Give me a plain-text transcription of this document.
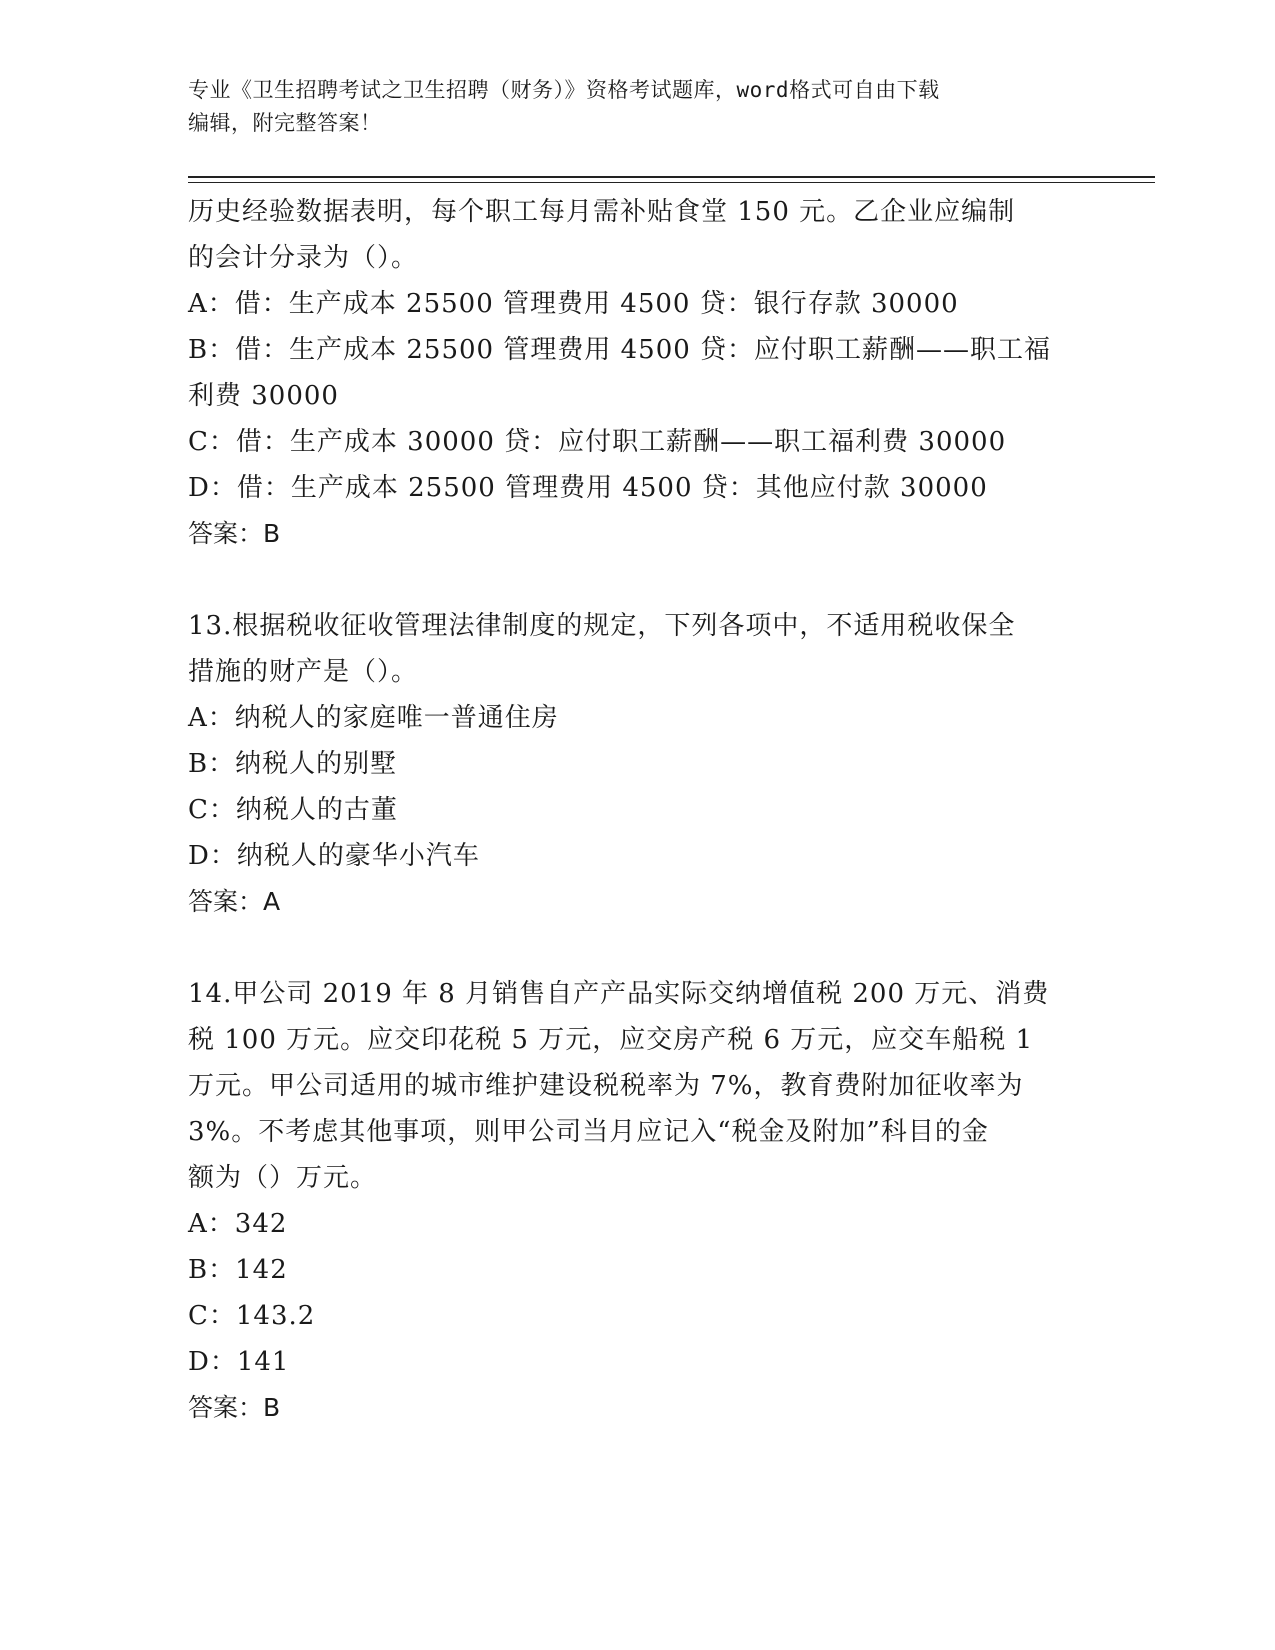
专业《卫生招聘考试之卫生招聘（财务）》资格考试题库，word格式可自由下载
编辑，附完整答案！
历史经验数据表明，每个职工每月需补贴食堂 150 元。乙企业应编制
的会计分录为（）。
A：借：生产成本 25500 管理费用 4500 贷：银行存款 30000
B：借：生产成本 25500 管理费用 4500 贷：应付职工薪酬——职工福
利费 30000
C：借：生产成本 30000 贷：应付职工薪酬——职工福利费 30000
D：借：生产成本 25500 管理费用 4500 贷：其他应付款 30000
答案：B
13.根据税收征收管理法律制度的规定，下列各项中，不适用税收保全
措施的财产是（）。
A：纳税人的家庭唯一普通住房
B：纳税人的别墅
C：纳税人的古董
D：纳税人的豪华小汽车
答案：A
14.甲公司 2019 年 8 月销售自产产品实际交纳增值税 200 万元、消费
税 100 万元。应交印花税 5 万元，应交房产税 6 万元，应交车船税 1
万元。甲公司适用的城市维护建设税税率为 7%，教育费附加征收率为
3%。不考虑其他事项，则甲公司当月应记入“税金及附加”科目的金
额为（）万元。
A：342
B：142
C：143.2
D：141
答案：B
